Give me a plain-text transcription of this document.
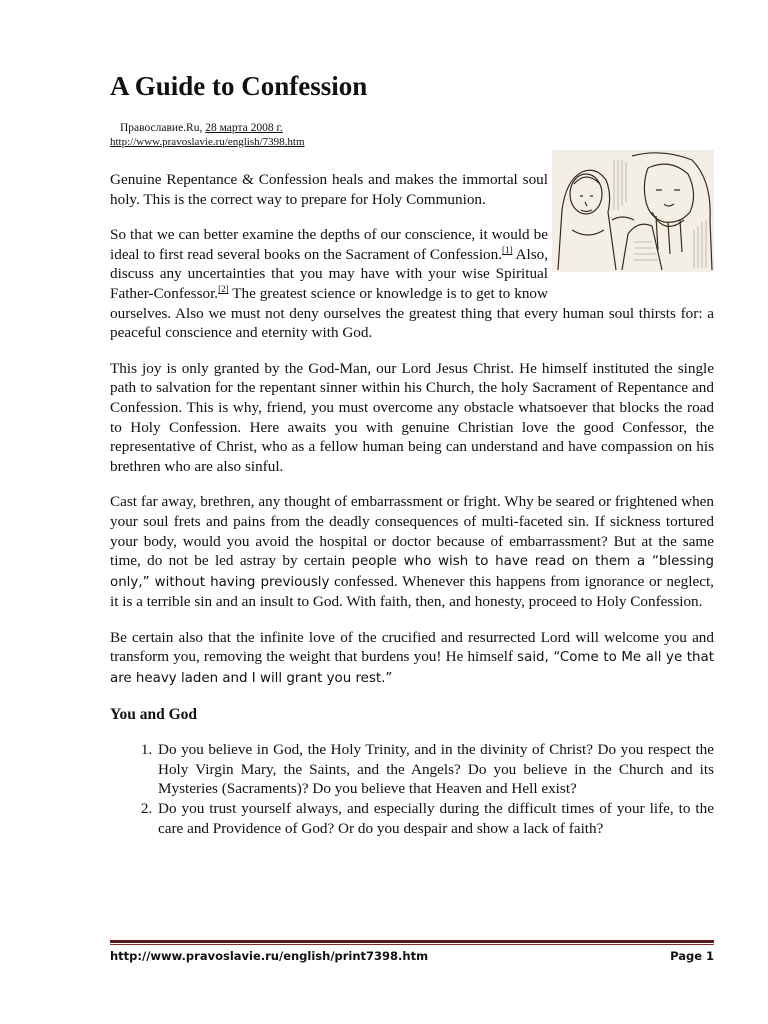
A Guide to Confession
Православие.Ru, 28 марта 2008 г.
http://www.pravoslavie.ru/english/7398.htm

Genuine Repentance & Confession heals and makes the immortal soul holy. This is the correct way to prepare for Holy Communion.

So that we can better examine the depths of our conscience, it would be ideal to first read several books on the Sacrament of Confession.[1] Also, discuss any uncertainties that you may have with your wise Spiritual Father-Confessor.[2] The greatest science or knowledge is to get to know ourselves. Also we must not deny ourselves the greatest thing that every human soul thirsts for: a peaceful conscience and eternity with God.

This joy is only granted by the God-Man, our Lord Jesus Christ. He himself instituted the single path to salvation for the repentant sinner within his Church, the holy Sacrament of Repentance and Confession. This is why, friend, you must overcome any obstacle whatsoever that blocks the road to Holy Confession. Here awaits you with genuine Christian love the good Confessor, the representative of Christ, who as a fellow human being can understand and have compassion on his brethren who are also sinful.

Cast far away, brethren, any thought of embarrassment or fright. Why be seared or frightened when your soul frets and pains from the deadly consequences of multi-faceted sin. If sickness tortured your body, would you avoid the hospital or doctor because of embarrassment? But at the same time, do not be led astray by certain people who wish to have read on them a “blessing only,” without having previously confessed. Whenever this happens from ignorance or neglect, it is a terrible sin and an insult to God. With faith, then, and honesty, proceed to Holy Confession.

Be certain also that the infinite love of the crucified and resurrected Lord will welcome you and transform you, removing the weight that burdens you! He himself said, “Come to Me all ye that are heavy laden and I will grant you rest.”

You and God
1. Do you believe in God, the Holy Trinity, and in the divinity of Christ? Do you respect the Holy Virgin Mary, the Saints, and the Angels? Do you believe in the Church and its Mysteries (Sacraments)? Do you believe that Heaven and Hell exist?
2. Do you trust yourself always, and especially during the difficult times of your life, to the care and Providence of God? Or do you despair and show a lack of faith?
http://www.pravoslavie.ru/english/print7398.htm	Page 1
